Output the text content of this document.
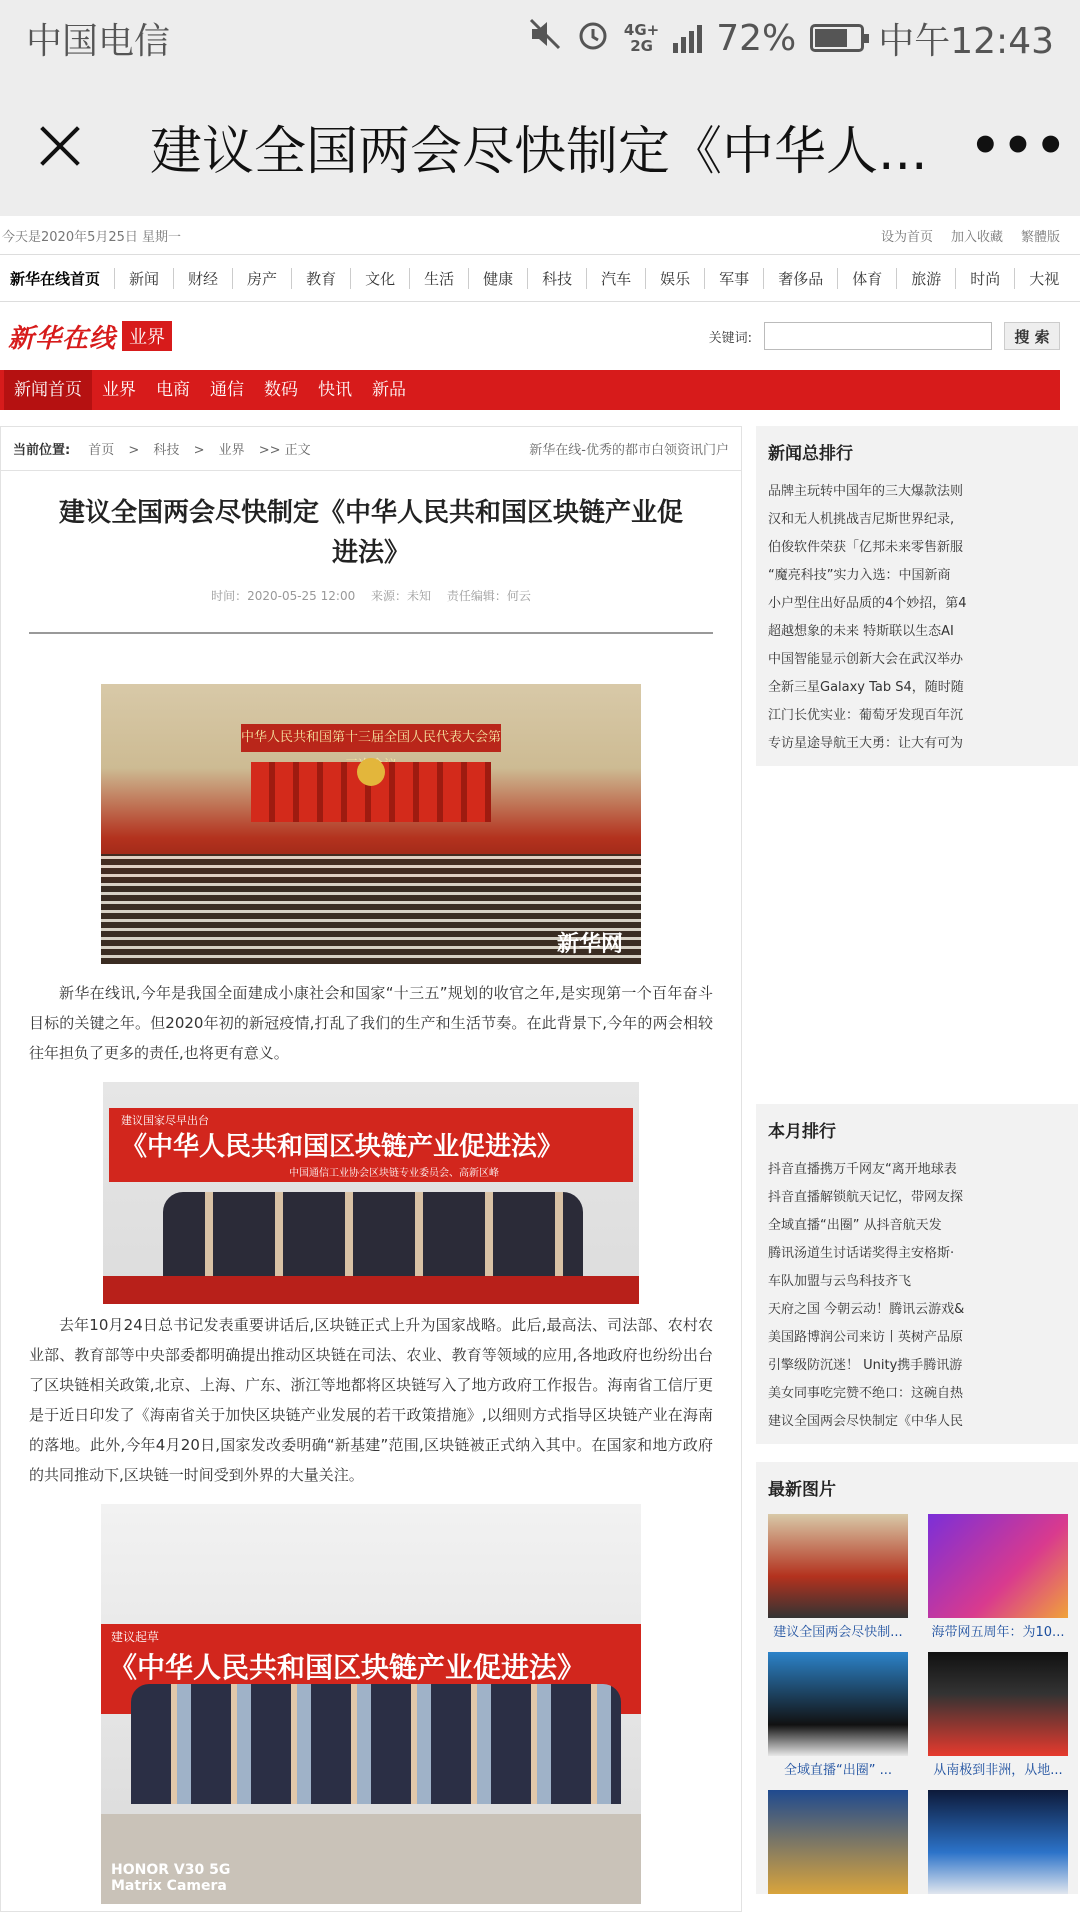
中国电信	4G+
2G 72% 中午12:43
建议全国两会尽快制定《中华人... •••
今天是2020年5月25日 星期一	设为首页 加入收藏 繁體版
新华在线首页	新闻	财经	房产	教育	文化	生活	健康	科技	汽车	娱乐	军事	奢侈品	体育	旅游	时尚	大视
新华在线 业界	关键词:	搜 索
新闻首页	业界	电商	通信	数码	快讯	新品
当前位置: 首页 > 科技 > 业界 >> 正文	新华在线-优秀的都市白领资讯门户
建议全国两会尽快制定《中华人民共和国区块链产业促进法》
时间：2020-05-25 12:00 来源：未知 责任编辑：何云
中华人民共和国第十三届全国人民代表大会第
新华网

新华在线讯,今年是我国全面建成小康社会和国家“十三五”规划的收官之年,是实现第一个百年奋斗目标的关键之年。但2020年初的新冠疫情,打乱了我们的生产和生活节奏。在此背景下,今年的两会相较往年担负了更多的责任,也将更有意义。

建议国家尽早出台
《中华人民共和国区块链产业促进法》
中国通信工业协会区块链专业委员会、高新区峰

去年10月24日总书记发表重要讲话后,区块链正式上升为国家战略。此后,最高法、司法部、农村农业部、教育部等中央部委都明确提出推动区块链在司法、农业、教育等领域的应用,各地政府也纷纷出台了区块链相关政策,北京、上海、广东、浙江等地都将区块链写入了地方政府工作报告。海南省工信厅更是于近日印发了《海南省关于加快区块链产业发展的若干政策措施》,以细则方式指导区块链产业在海南的落地。此外,今年4月20日,国家发改委明确“新基建”范围,区块链被正式纳入其中。在国家和地方政府的共同推动下,区块链一时间受到外界的大量关注。

建议起草
《中华人民共和国区块链产业促进法》
HONOR V30 5G
Matrix Camera
新闻总排行
品牌主玩转中国年的三大爆款法则
汉和无人机挑战吉尼斯世界纪录,
伯俊软件荣获「亿邦未来零售新服
“魔亮科技”实力入选：中国新商
小户型住出好品质的4个妙招，第4
超越想象的未来 特斯联以生态AI
中国智能显示创新大会在武汉举办
全新三星Galaxy Tab S4，随时随
江门长优实业：葡萄牙发现百年沉
专访星途导航王大勇：让大有可为
本月排行
抖音直播携万千网友“离开地球表
抖音直播解锁航天记忆，带网友探
全域直播“出圈” 从抖音航天发
腾讯汤道生讨话诺奖得主安格斯·
车队加盟与云鸟科技齐飞
天府之国 今朝云动！腾讯云游戏&
美国路博润公司来访丨英树产品原
引擎级防沉迷！ Unity携手腾讯游
美女同事吃完赞不绝口：这碗自热
建议全国两会尽快制定《中华人民
最新图片
建议全国两会尽快制...	海带网五周年：为10...
全域直播“出圈” ...	从南极到非洲，从地...
